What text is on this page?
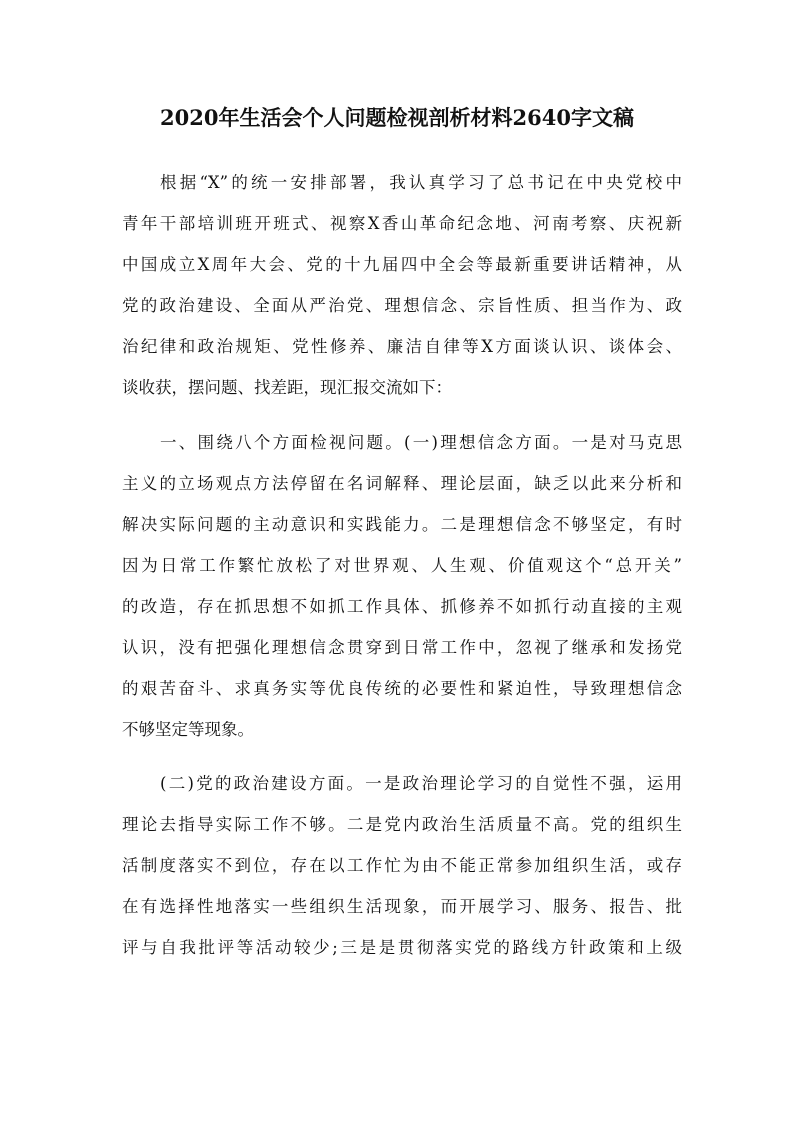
2020年生活会个人问题检视剖析材料2640字文稿
根据“X”的统一安排部署，我认真学习了总书记在中央党校中
青年干部培训班开班式、视察X香山革命纪念地、河南考察、庆祝新
中国成立X周年大会、党的十九届四中全会等最新重要讲话精神，从
党的政治建设、全面从严治党、理想信念、宗旨性质、担当作为、政
治纪律和政治规矩、党性修养、廉洁自律等X方面谈认识、谈体会、
谈收获，摆问题、找差距，现汇报交流如下：
一、围绕八个方面检视问题。(一)理想信念方面。一是对马克思
主义的立场观点方法停留在名词解释、理论层面，缺乏以此来分析和
解决实际问题的主动意识和实践能力。二是理想信念不够坚定，有时
因为日常工作繁忙放松了对世界观、人生观、价值观这个“总开关”
的改造，存在抓思想不如抓工作具体、抓修养不如抓行动直接的主观
认识，没有把强化理想信念贯穿到日常工作中，忽视了继承和发扬党
的艰苦奋斗、求真务实等优良传统的必要性和紧迫性，导致理想信念
不够坚定等现象。
(二)党的政治建设方面。一是政治理论学习的自觉性不强，运用
理论去指导实际工作不够。二是党内政治生活质量不高。党的组织生
活制度落实不到位，存在以工作忙为由不能正常参加组织生活，或存
在有选择性地落实一些组织生活现象，而开展学习、服务、报告、批
评与自我批评等活动较少;三是是贯彻落实党的路线方针政策和上级
